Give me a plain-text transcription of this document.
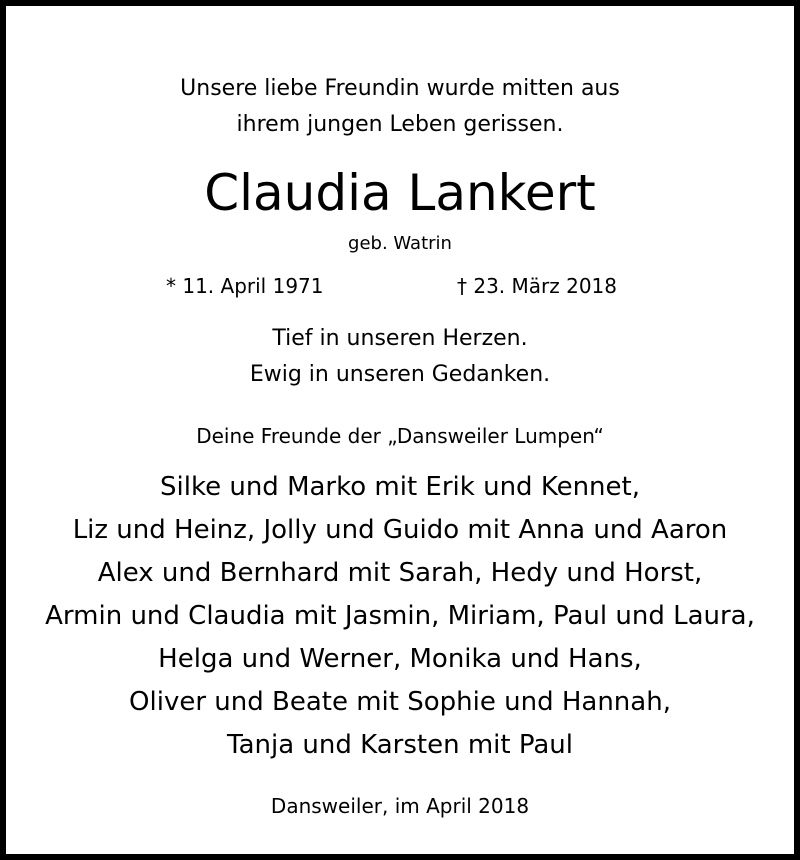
Unsere liebe Freundin wurde mitten aus
ihrem jungen Leben gerissen.
Claudia Lankert
geb. Watrin
* 11. April 1971	† 23. März 2018
Tief in unseren Herzen.
Ewig in unseren Gedanken.
Deine Freunde der „Dansweiler Lumpen“
Silke und Marko mit Erik und Kennet,
Liz und Heinz, Jolly und Guido mit Anna und Aaron
Alex und Bernhard mit Sarah, Hedy und Horst,
Armin und Claudia mit Jasmin, Miriam, Paul und Laura,
Helga und Werner, Monika und Hans,
Oliver und Beate mit Sophie und Hannah,
Tanja und Karsten mit Paul
Dansweiler, im April 2018
